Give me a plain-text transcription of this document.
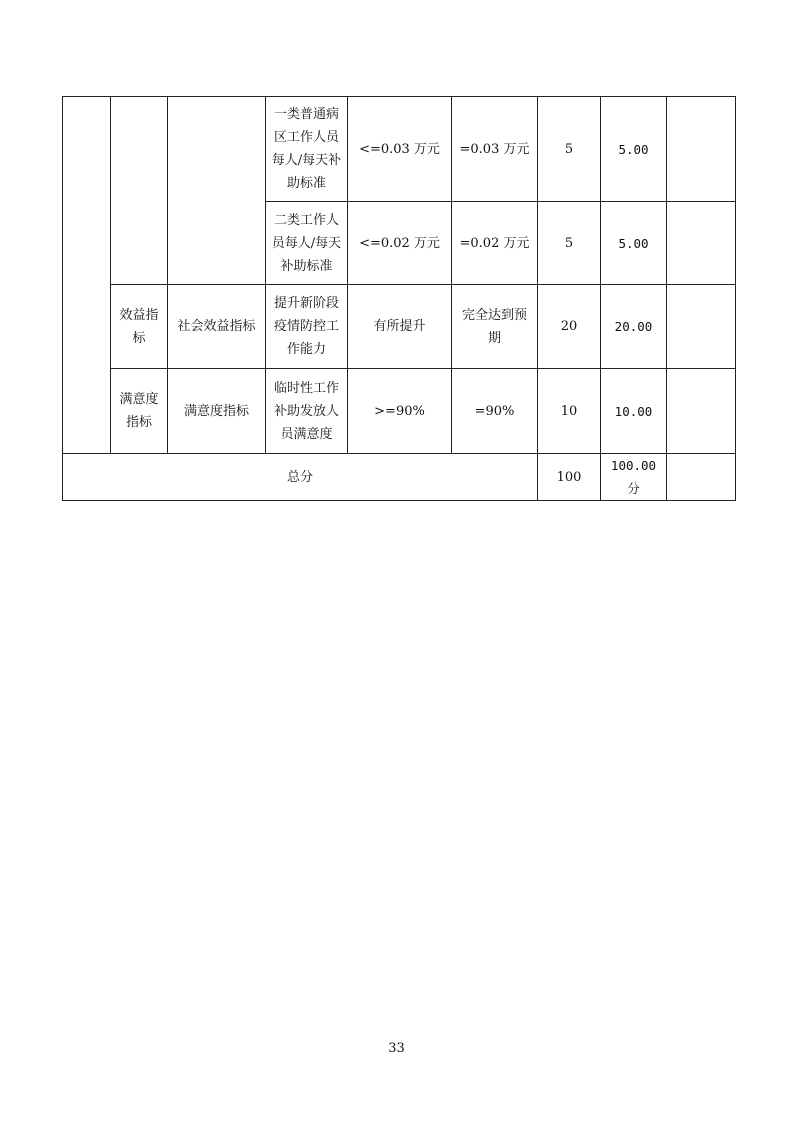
			一类普通病区工作人员每人/每天补助标准	<=0.03 万元	=0.03 万元	5	5.00	
			二类工作人员每人/每天补助标准	<=0.02 万元	=0.02 万元	5	5.00	
	效益指标	社会效益指标	提升新阶段疫情防控工作能力	有所提升	完全达到预期	20	20.00	
	满意度指标	满意度指标	临时性工作补助发放人员满意度	>=90%	=90%	10	10.00	
总分						100	100.00分	
33
